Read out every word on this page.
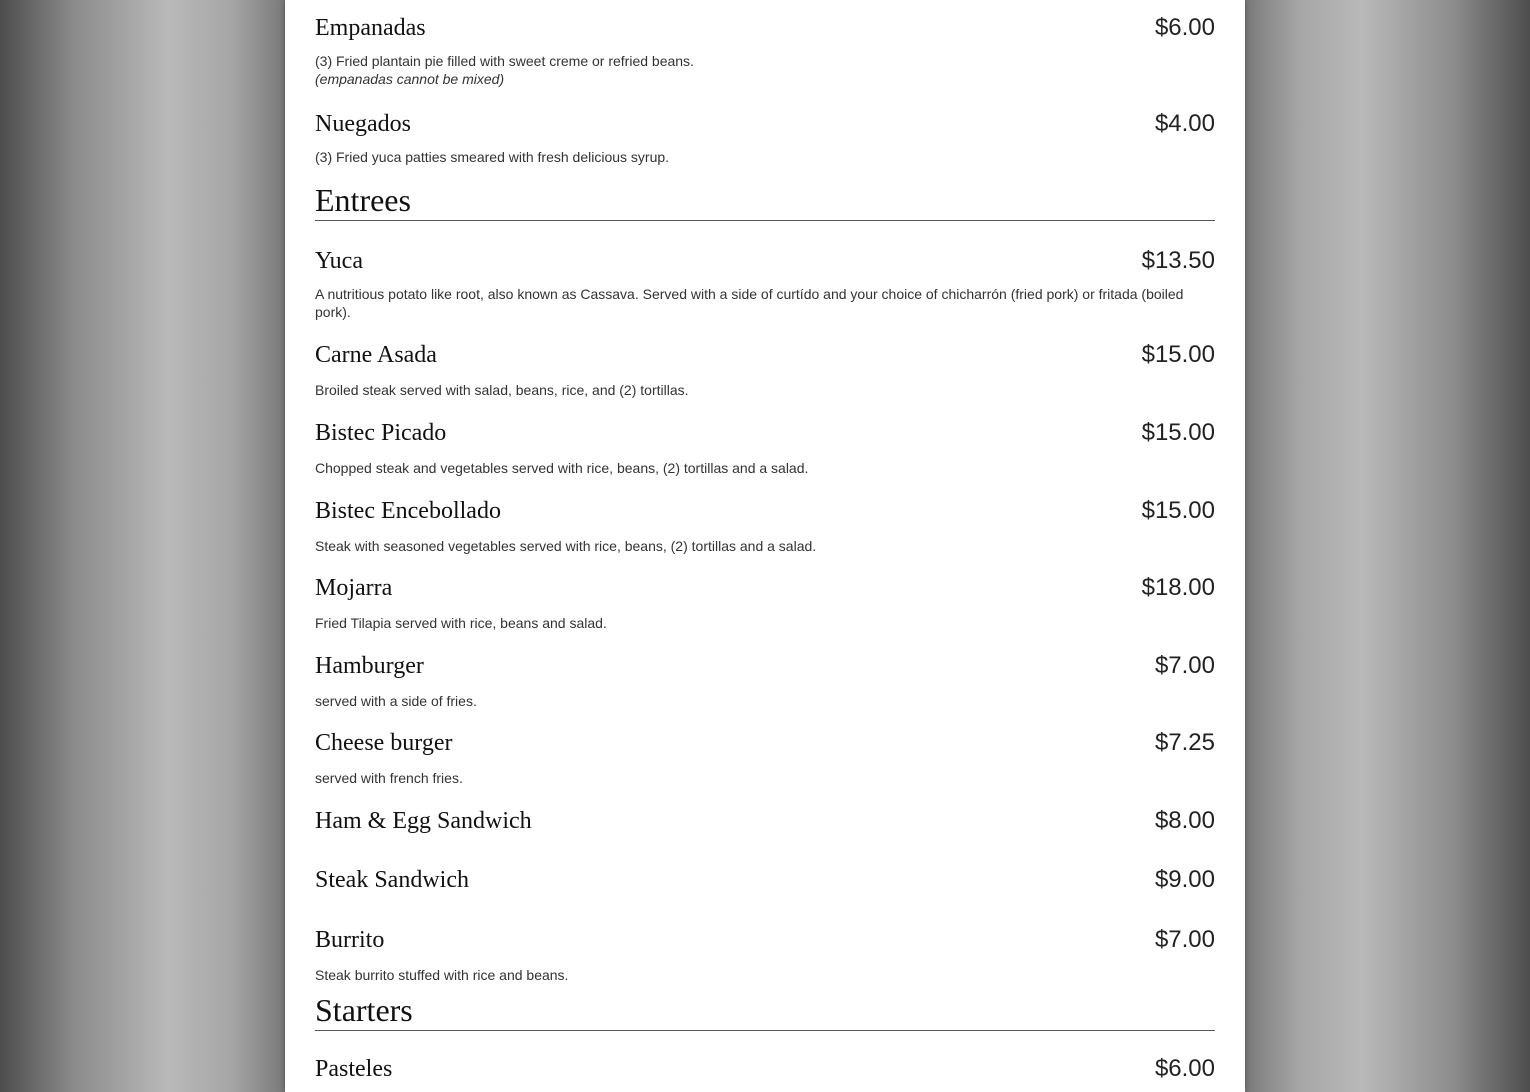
Empanadas	$6.00
(3) Fried plantain pie filled with sweet creme or refried beans.
(empanadas cannot be mixed)
Nuegados	$4.00
(3) Fried yuca patties smeared with fresh delicious syrup.
Entrees
Yuca	$13.50
A nutritious potato like root, also known as Cassava. Served with a side of curtído and your choice of chicharrón (fried pork) or fritada (boiled pork).
Carne Asada	$15.00
Broiled steak served with salad, beans, rice, and (2) tortillas.
Bistec Picado	$15.00
Chopped steak and vegetables served with rice, beans, (2) tortillas and a salad.
Bistec Encebollado	$15.00
Steak with seasoned vegetables served with rice, beans, (2) tortillas and a salad.
Mojarra	$18.00
Fried Tilapia served with rice, beans and salad.
Hamburger	$7.00
served with a side of fries.
Cheese burger	$7.25
served with french fries.
Ham & Egg Sandwich	$8.00
Steak Sandwich	$9.00
Burrito	$7.00
Steak burrito stuffed with rice and beans.
Starters
Pasteles	$6.00
